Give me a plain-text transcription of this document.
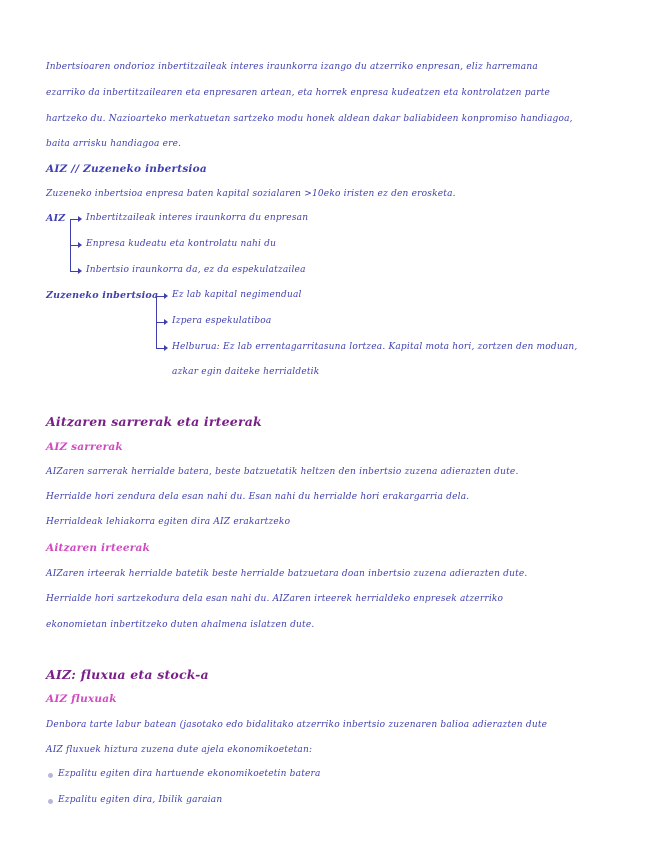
Inbertsioaren ondorioz inbertitzaileak interes iraunkorra izango du atzerriko enpresan, eliz harremana
ezarriko da inbertitzailearen eta enpresaren artean, eta horrek enpresa kudeatzen eta kontrolatzen parte
hartzeko du. Nazioarteko merkatuetan sartzeko modu honek aldean dakar baliabideen konpromiso handiagoa,
baita arrisku handiagoa ere.
AIZ // Zuzeneko inbertsioa
Zuzeneko inbertsioa enpresa baten kapital sozialaren >10eko iristen ez den erosketa.
AIZ Inbertitzaileak interes iraunkorra du enpresan
Enpresa kudeatu eta kontrolatu nahi du
Inbertsio iraunkorra da, ez da espekulatzailea
Zuzeneko inbertsioa Ez lab kapital negimendual
Izpera espekulatiboa
Helburua: Ez lab errentagarritasuna lortzea. Kapital mota hori, zortzen den moduan,
azkar egin daiteke herrialdetik
Aitzaren sarrerak eta irteerak
AIZ sarrerak
AIZaren sarrerak herrialde batera, beste batzuetatik heltzen den inbertsio zuzena adierazten dute.
Herrialde hori zendura dela esan nahi du. Esan nahi du herrialde hori erakargarria dela.
Herrialdeak lehiakorra egiten dira AIZ erakartzeko
Aitzaren irteerak
AIZaren irteerak herrialde batetik beste herrialde batzuetara doan inbertsio zuzena adierazten dute.
Herrialde hori sartzekodura dela esan nahi du. AIZaren irteerek herrialdeko enpresek atzerriko
ekonomietan inbertitzeko duten ahalmena islatzen dute.
AIZ: fluxua eta stock-a
AIZ fluxuak
Denbora tarte labur batean (jasotako edo bidalitako atzerriko inbertsio zuzenaren balioa adierazten dute
AIZ fluxuek hiztura zuzena dute ajela ekonomikoetetan:
Ezpalitu egiten dira hartuende ekonomikoetetin batera
Ezpalitu egiten dira, Ibilik garaian
